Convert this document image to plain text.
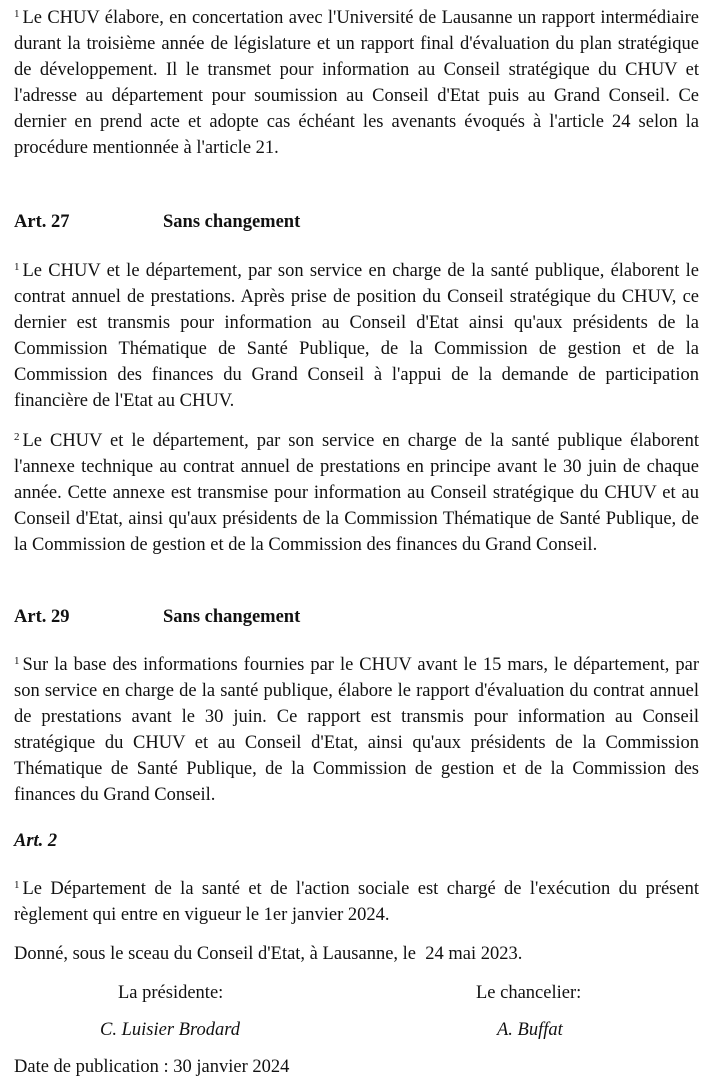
$^1$ Le CHUV élabore, en concertation avec l'Université de Lausanne un rapport intermédiaire durant la troisième année de législature et un rapport final d'évaluation du plan stratégique de développement. Il le transmet pour information au Conseil stratégique du CHUV et l'adresse au département pour soumission au Conseil d'Etat puis au Grand Conseil. Ce dernier en prend acte et adopte cas échéant les avenants évoqués à l'article 24 selon la procédure mentionnée à l'article 21.

Art. 27	Sans changement

$^1$ Le CHUV et le département, par son service en charge de la santé publique, élaborent le contrat annuel de prestations. Après prise de position du Conseil stratégique du CHUV, ce dernier est transmis pour information au Conseil d'Etat ainsi qu'aux présidents de la Commission Thématique de Santé Publique, de la Commission de gestion et de la Commission des finances du Grand Conseil à l'appui de la demande de participation financière de l'Etat au CHUV.

$^2$ Le CHUV et le département, par son service en charge de la santé publique élaborent l'annexe technique au contrat annuel de prestations en principe avant le 30 juin de chaque année. Cette annexe est transmise pour information au Conseil stratégique du CHUV et au Conseil d'Etat, ainsi qu'aux présidents de la Commission Thématique de Santé Publique, de la Commission de gestion et de la Commission des finances du Grand Conseil.

Art. 29	Sans changement

$^1$ Sur la base des informations fournies par le CHUV avant le 15 mars, le département, par son service en charge de la santé publique, élabore le rapport d'évaluation du contrat annuel de prestations avant le 30 juin. Ce rapport est transmis pour information au Conseil stratégique du CHUV et au Conseil d'Etat, ainsi qu'aux présidents de la Commission Thématique de Santé Publique, de la Commission de gestion et de la Commission des finances du Grand Conseil.

Art. 2

$^1$ Le Département de la santé et de l'action sociale est chargé de l'exécution du présent règlement qui entre en vigueur le 1er janvier 2024.

Donné, sous le sceau du Conseil d'Etat, à Lausanne, le  24 mai 2023.

La présidente:	Le chancelier:

C. Luisier Brodard	A. Buffat

Date de publication : 30 janvier 2024
